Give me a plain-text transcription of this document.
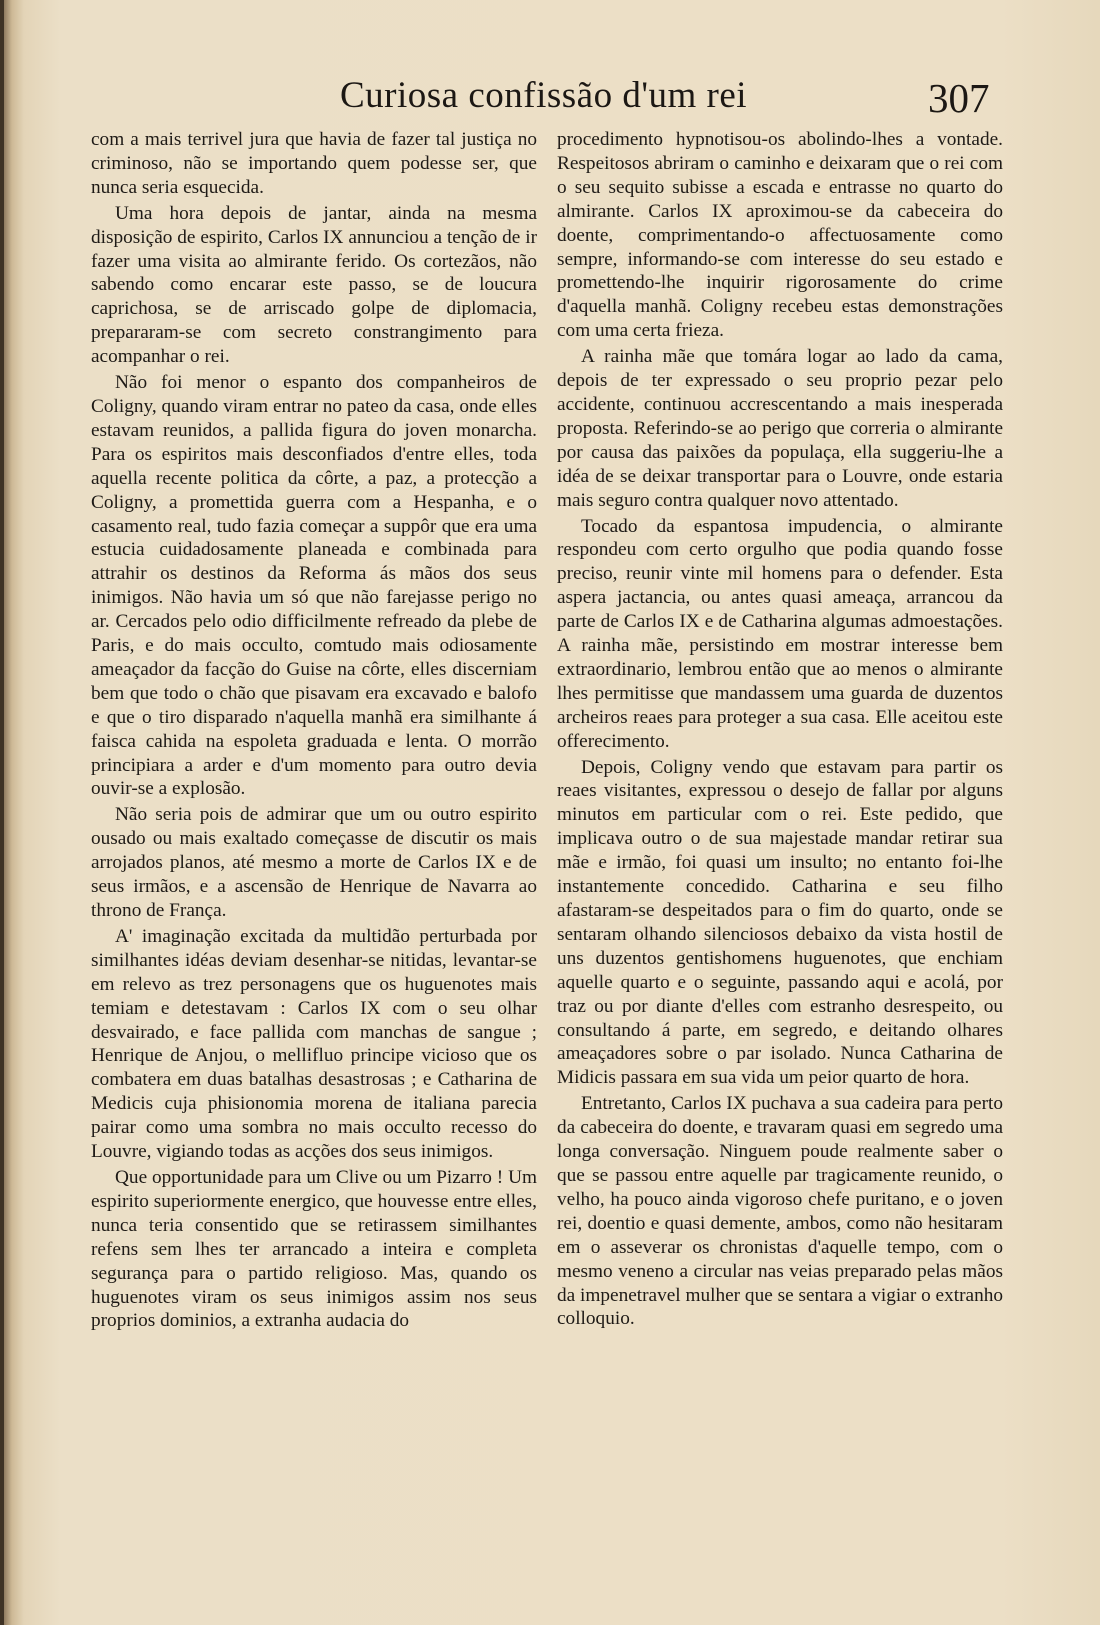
Curiosa confissão d'um rei	307

com a mais terrivel jura que havia de fazer tal justiça no criminoso, não se importando quem podesse ser, que nunca seria esquecida.

Uma hora depois de jantar, ainda na mesma disposição de espirito, Carlos IX annunciou a tenção de ir fazer uma visita ao almirante ferido. Os cortezãos, não sabendo como encarar este passo, se de loucura caprichosa, se de arriscado golpe de diplomacia, prepararam-se com secreto constrangimento para acompanhar o rei.

Não foi menor o espanto dos companheiros de Coligny, quando viram entrar no pateo da casa, onde elles estavam reunidos, a pallida figura do joven monarcha. Para os espiritos mais desconfiados d'entre elles, toda aquella recente politica da côrte, a paz, a protecção a Coligny, a promettida guerra com a Hespanha, e o casamento real, tudo fazia começar a suppôr que era uma estucia cuidadosamente planeada e combinada para attrahir os destinos da Reforma ás mãos dos seus inimigos. Não havia um só que não farejasse perigo no ar. Cercados pelo odio difficilmente refreado da plebe de Paris, e do mais occulto, comtudo mais odiosamente ameaçador da facção do Guise na côrte, elles discerniam bem que todo o chão que pisavam era excavado e balofo e que o tiro disparado n'aquella manhã era similhante á faisca cahida na espoleta graduada e lenta. O morrão principiara a arder e d'um momento para outro devia ouvir-se a explosão.

Não seria pois de admirar que um ou outro espirito ousado ou mais exaltado começasse de discutir os mais arrojados planos, até mesmo a morte de Carlos IX e de seus irmãos, e a ascensão de Henrique de Navarra ao throno de França.

A' imaginação excitada da multidão perturbada por similhantes idéas deviam desenhar-se nitidas, levantar-se em relevo as trez personagens que os huguenotes mais temiam e detestavam : Carlos IX com o seu olhar desvairado, e face pallida com manchas de sangue ; Henrique de Anjou, o mellifluo principe vicioso que os combatera em duas batalhas desastrosas ; e Catharina de Medicis cuja phisionomia morena de italiana parecia pairar como uma sombra no mais occulto recesso do Louvre, vigiando todas as acções dos seus inimigos.

Que opportunidade para um Clive ou um Pizarro ! Um espirito superiormente energico, que houvesse entre elles, nunca teria consentido que se retirassem similhantes refens sem lhes ter arrancado a inteira e completa segurança para o partido religioso. Mas, quando os huguenotes viram os seus inimigos assim nos seus proprios dominios, a extranha audacia do

procedimento hypnotisou-os abolindo-lhes a vontade. Respeitosos abriram o caminho e deixaram que o rei com o seu sequito subisse a escada e entrasse no quarto do almirante. Carlos IX aproximou-se da cabeceira do doente, comprimentando-o affectuosamente como sempre, informando-se com interesse do seu estado e promettendo-lhe inquirir rigorosamente do crime d'aquella manhã. Coligny recebeu estas demonstrações com uma certa frieza.

A rainha mãe que tomára logar ao lado da cama, depois de ter expressado o seu proprio pezar pelo accidente, continuou accrescentando a mais inesperada proposta. Referindo-se ao perigo que correria o almirante por causa das paixões da populaça, ella suggeriu-lhe a idéa de se deixar transportar para o Louvre, onde estaria mais seguro contra qualquer novo attentado.

Tocado da espantosa impudencia, o almirante respondeu com certo orgulho que podia quando fosse preciso, reunir vinte mil homens para o defender. Esta aspera jactancia, ou antes quasi ameaça, arrancou da parte de Carlos IX e de Catharina algumas admoestações. A rainha mãe, persistindo em mostrar interesse bem extraordinario, lembrou então que ao menos o almirante lhes permitisse que mandassem uma guarda de duzentos archeiros reaes para proteger a sua casa. Elle aceitou este offerecimento.

Depois, Coligny vendo que estavam para partir os reaes visitantes, expressou o desejo de fallar por alguns minutos em particular com o rei. Este pedido, que implicava outro o de sua majestade mandar retirar sua mãe e irmão, foi quasi um insulto; no entanto foi-lhe instantemente concedido. Catharina e seu filho afastaram-se despeitados para o fim do quarto, onde se sentaram olhando silenciosos debaixo da vista hostil de uns duzentos gentishomens huguenotes, que enchiam aquelle quarto e o seguinte, passando aqui e acolá, por traz ou por diante d'elles com estranho desrespeito, ou consultando á parte, em segredo, e deitando olhares ameaçadores sobre o par isolado. Nunca Catharina de Midicis passara em sua vida um peior quarto de hora.

Entretanto, Carlos IX puchava a sua cadeira para perto da cabeceira do doente, e travaram quasi em segredo uma longa conversação. Ninguem poude realmente saber o que se passou entre aquelle par tragicamente reunido, o velho, ha pouco ainda vigoroso chefe puritano, e o joven rei, doentio e quasi demente, ambos, como não hesitaram em o asseverar os chronistas d'aquelle tempo, com o mesmo veneno a circular nas veias preparado pelas mãos da impenetravel mulher que se sentara a vigiar o extranho colloquio.
